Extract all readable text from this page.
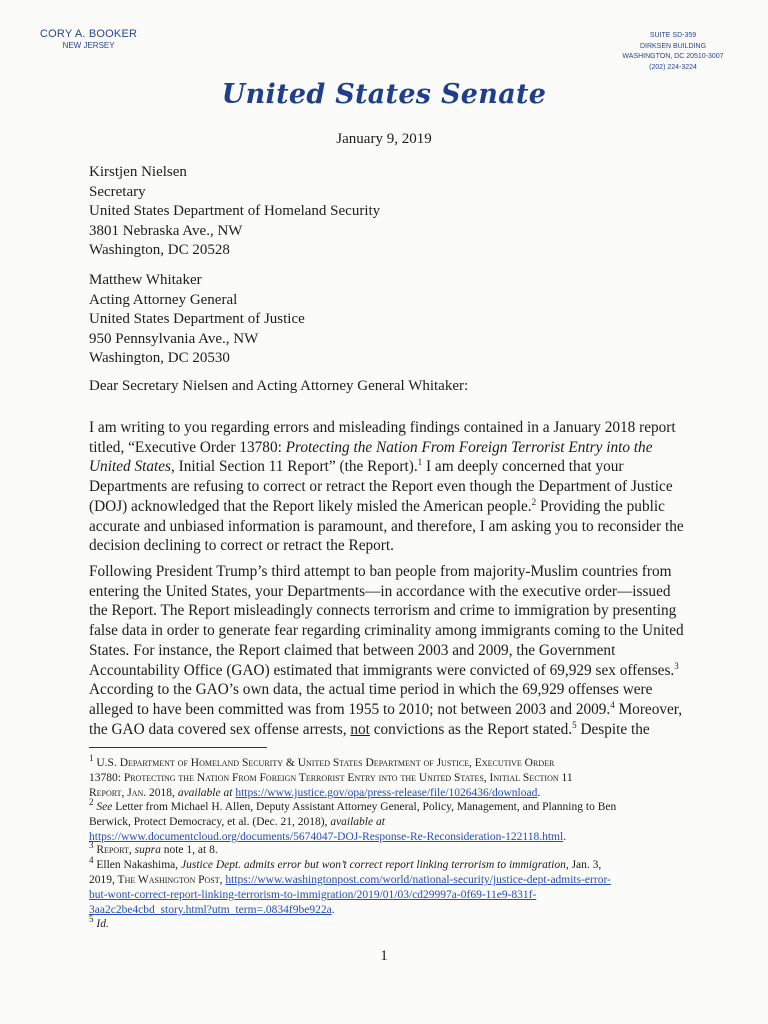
CORY A. BOOKER
NEW JERSEY
SUITE SD-359
DIRKSEN BUILDING
WASHINGTON, DC 20510-3007
(202) 224-3224
United States Senate
January 9, 2019
Kirstjen Nielsen
Secretary
United States Department of Homeland Security
3801 Nebraska Ave., NW
Washington, DC 20528
Matthew Whitaker
Acting Attorney General
United States Department of Justice
950 Pennsylvania Ave., NW
Washington, DC 20530
Dear Secretary Nielsen and Acting Attorney General Whitaker:
I am writing to you regarding errors and misleading findings contained in a January 2018 report
titled, “Executive Order 13780: Protecting the Nation From Foreign Terrorist Entry into the
United States, Initial Section 11 Report” (the Report).$^1$ I am deeply concerned that your
Departments are refusing to correct or retract the Report even though the Department of Justice
(DOJ) acknowledged that the Report likely misled the American people.$^2$ Providing the public
accurate and unbiased information is paramount, and therefore, I am asking you to reconsider the
decision declining to correct or retract the Report.
Following President Trump’s third attempt to ban people from majority-Muslim countries from
entering the United States, your Departments—in accordance with the executive order—issued
the Report. The Report misleadingly connects terrorism and crime to immigration by presenting
false data in order to generate fear regarding criminality among immigrants coming to the United
States. For instance, the Report claimed that between 2003 and 2009, the Government
Accountability Office (GAO) estimated that immigrants were convicted of 69,929 sex offenses.$^3$
According to the GAO’s own data, the actual time period in which the 69,929 offenses were
alleged to have been committed was from 1955 to 2010; not between 2003 and 2009.$^4$ Moreover,
the GAO data covered sex offense arrests, not convictions as the Report stated.$^5$ Despite the
$^1$ U.S. Department of Homeland Security & United States Department of Justice, Executive Order
13780: Protecting the Nation From Foreign Terrorist Entry into the United States, Initial Section 11
Report, Jan. 2018, available at https://www.justice.gov/opa/press-release/file/1026436/download.
$^2$ See Letter from Michael H. Allen, Deputy Assistant Attorney General, Policy, Management, and Planning to Ben
Berwick, Protect Democracy, et al. (Dec. 21, 2018), available at
https://www.documentcloud.org/documents/5674047-DOJ-Response-Re-Reconsideration-122118.html.
$^3$ Report, supra note 1, at 8.
$^4$ Ellen Nakashima, Justice Dept. admits error but won’t correct report linking terrorism to immigration, Jan. 3,
2019, The Washington Post, https://www.washingtonpost.com/world/national-security/justice-dept-admits-error-
but-wont-correct-report-linking-terrorism-to-immigration/2019/01/03/cd29997a-0f69-11e9-831f-
3aa2c2be4cbd_story.html?utm_term=.0834f9be922a.
$^5$ Id.
1
